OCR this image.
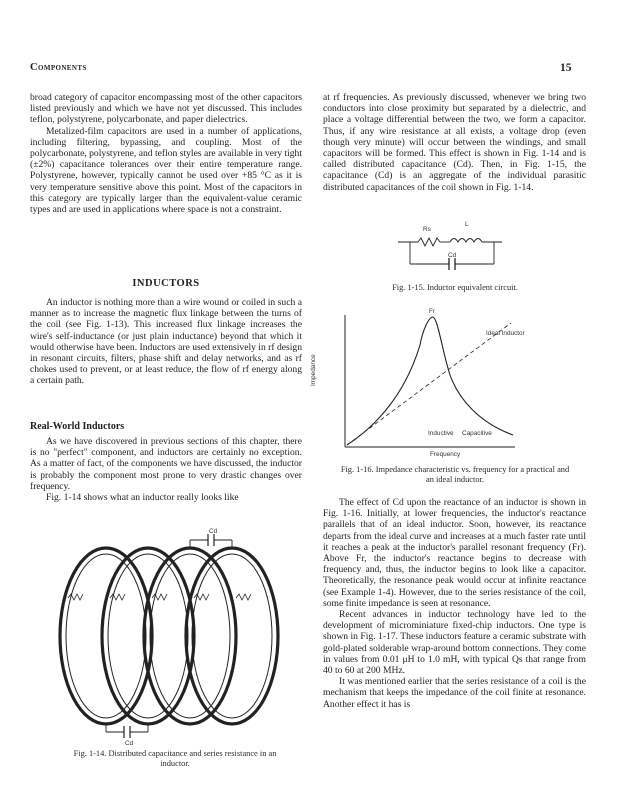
Components	15

broad category of capacitor encompassing most of the other capacitors listed previously and which we have not yet discussed. This includes teflon, polystyrene, polycarbonate, and paper dielectrics.

Metalized-film capacitors are used in a number of applications, including filtering, bypassing, and coupling. Most of the polycarbonate, polystyrene, and teflon styles are available in very tight (±2%) capacitance tolerances over their entire temperature range. Polystyrene, however, typically cannot be used over +85 °C as it is very temperature sensitive above this point. Most of the capacitors in this category are typically larger than the equivalent-value ceramic types and are used in applications where space is not a constraint.

INDUCTORS

An inductor is nothing more than a wire wound or coiled in such a manner as to increase the magnetic flux linkage between the turns of the coil (see Fig. 1-13). This increased flux linkage increases the wire's self-inductance (or just plain inductance) beyond that which it would otherwise have been. Inductors are used extensively in rf design in resonant circuits, filters, phase shift and delay networks, and as rf chokes used to prevent, or at least reduce, the flow of rf energy along a certain path.

Real-World Inductors

As we have discovered in previous sections of this chapter, there is no "perfect" component, and inductors are certainly no exception. As a matter of fact, of the components we have discussed, the inductor is probably the component most prone to very drastic changes over frequency.

Fig. 1-14 shows what an inductor really looks like

Cd
Cd
Fig. 1-14. Distributed capacitance and series resistance in an inductor.

at rf frequencies. As previously discussed, whenever we bring two conductors into close proximity but separated by a dielectric, and place a voltage differential between the two, we form a capacitor. Thus, if any wire resistance at all exists, a voltage drop (even though very minute) will occur between the windings, and small capacitors will be formed. This effect is shown in Fig. 1-14 and is called distributed capacitance (Cd). Then, in Fig. 1-15, the capacitance (Cd) is an aggregate of the individual parasitic distributed capacitances of the coil shown in Fig. 1-14.

Rs
L
Cd
Fig. 1-15. Inductor equivalent circuit.
Fr
Ideal Inductor
Inductive Capacitive
Impedance
Frequency
Fig. 1-16. Impedance characteristic vs. frequency for a practical and an ideal inductor.

The effect of Cd upon the reactance of an inductor is shown in Fig. 1-16. Initially, at lower frequencies, the inductor's reactance parallels that of an ideal inductor. Soon, however, its reactance departs from the ideal curve and increases at a much faster rate until it reaches a peak at the inductor's parallel resonant frequency (Fr). Above Fr, the inductor's reactance begins to decrease with frequency and, thus, the inductor begins to look like a capacitor. Theoretically, the resonance peak would occur at infinite reactance (see Example 1-4). However, due to the series resistance of the coil, some finite impedance is seen at resonance.

Recent advances in inductor technology have led to the development of microminiature fixed-chip inductors. One type is shown in Fig. 1-17. These inductors feature a ceramic substrate with gold-plated solderable wrap-around bottom connections. They come in values from 0.01 μH to 1.0 mH, with typical Qs that range from 40 to 60 at 200 MHz.

It was mentioned earlier that the series resistance of a coil is the mechanism that keeps the impedance of the coil finite at resonance. Another effect it has is
